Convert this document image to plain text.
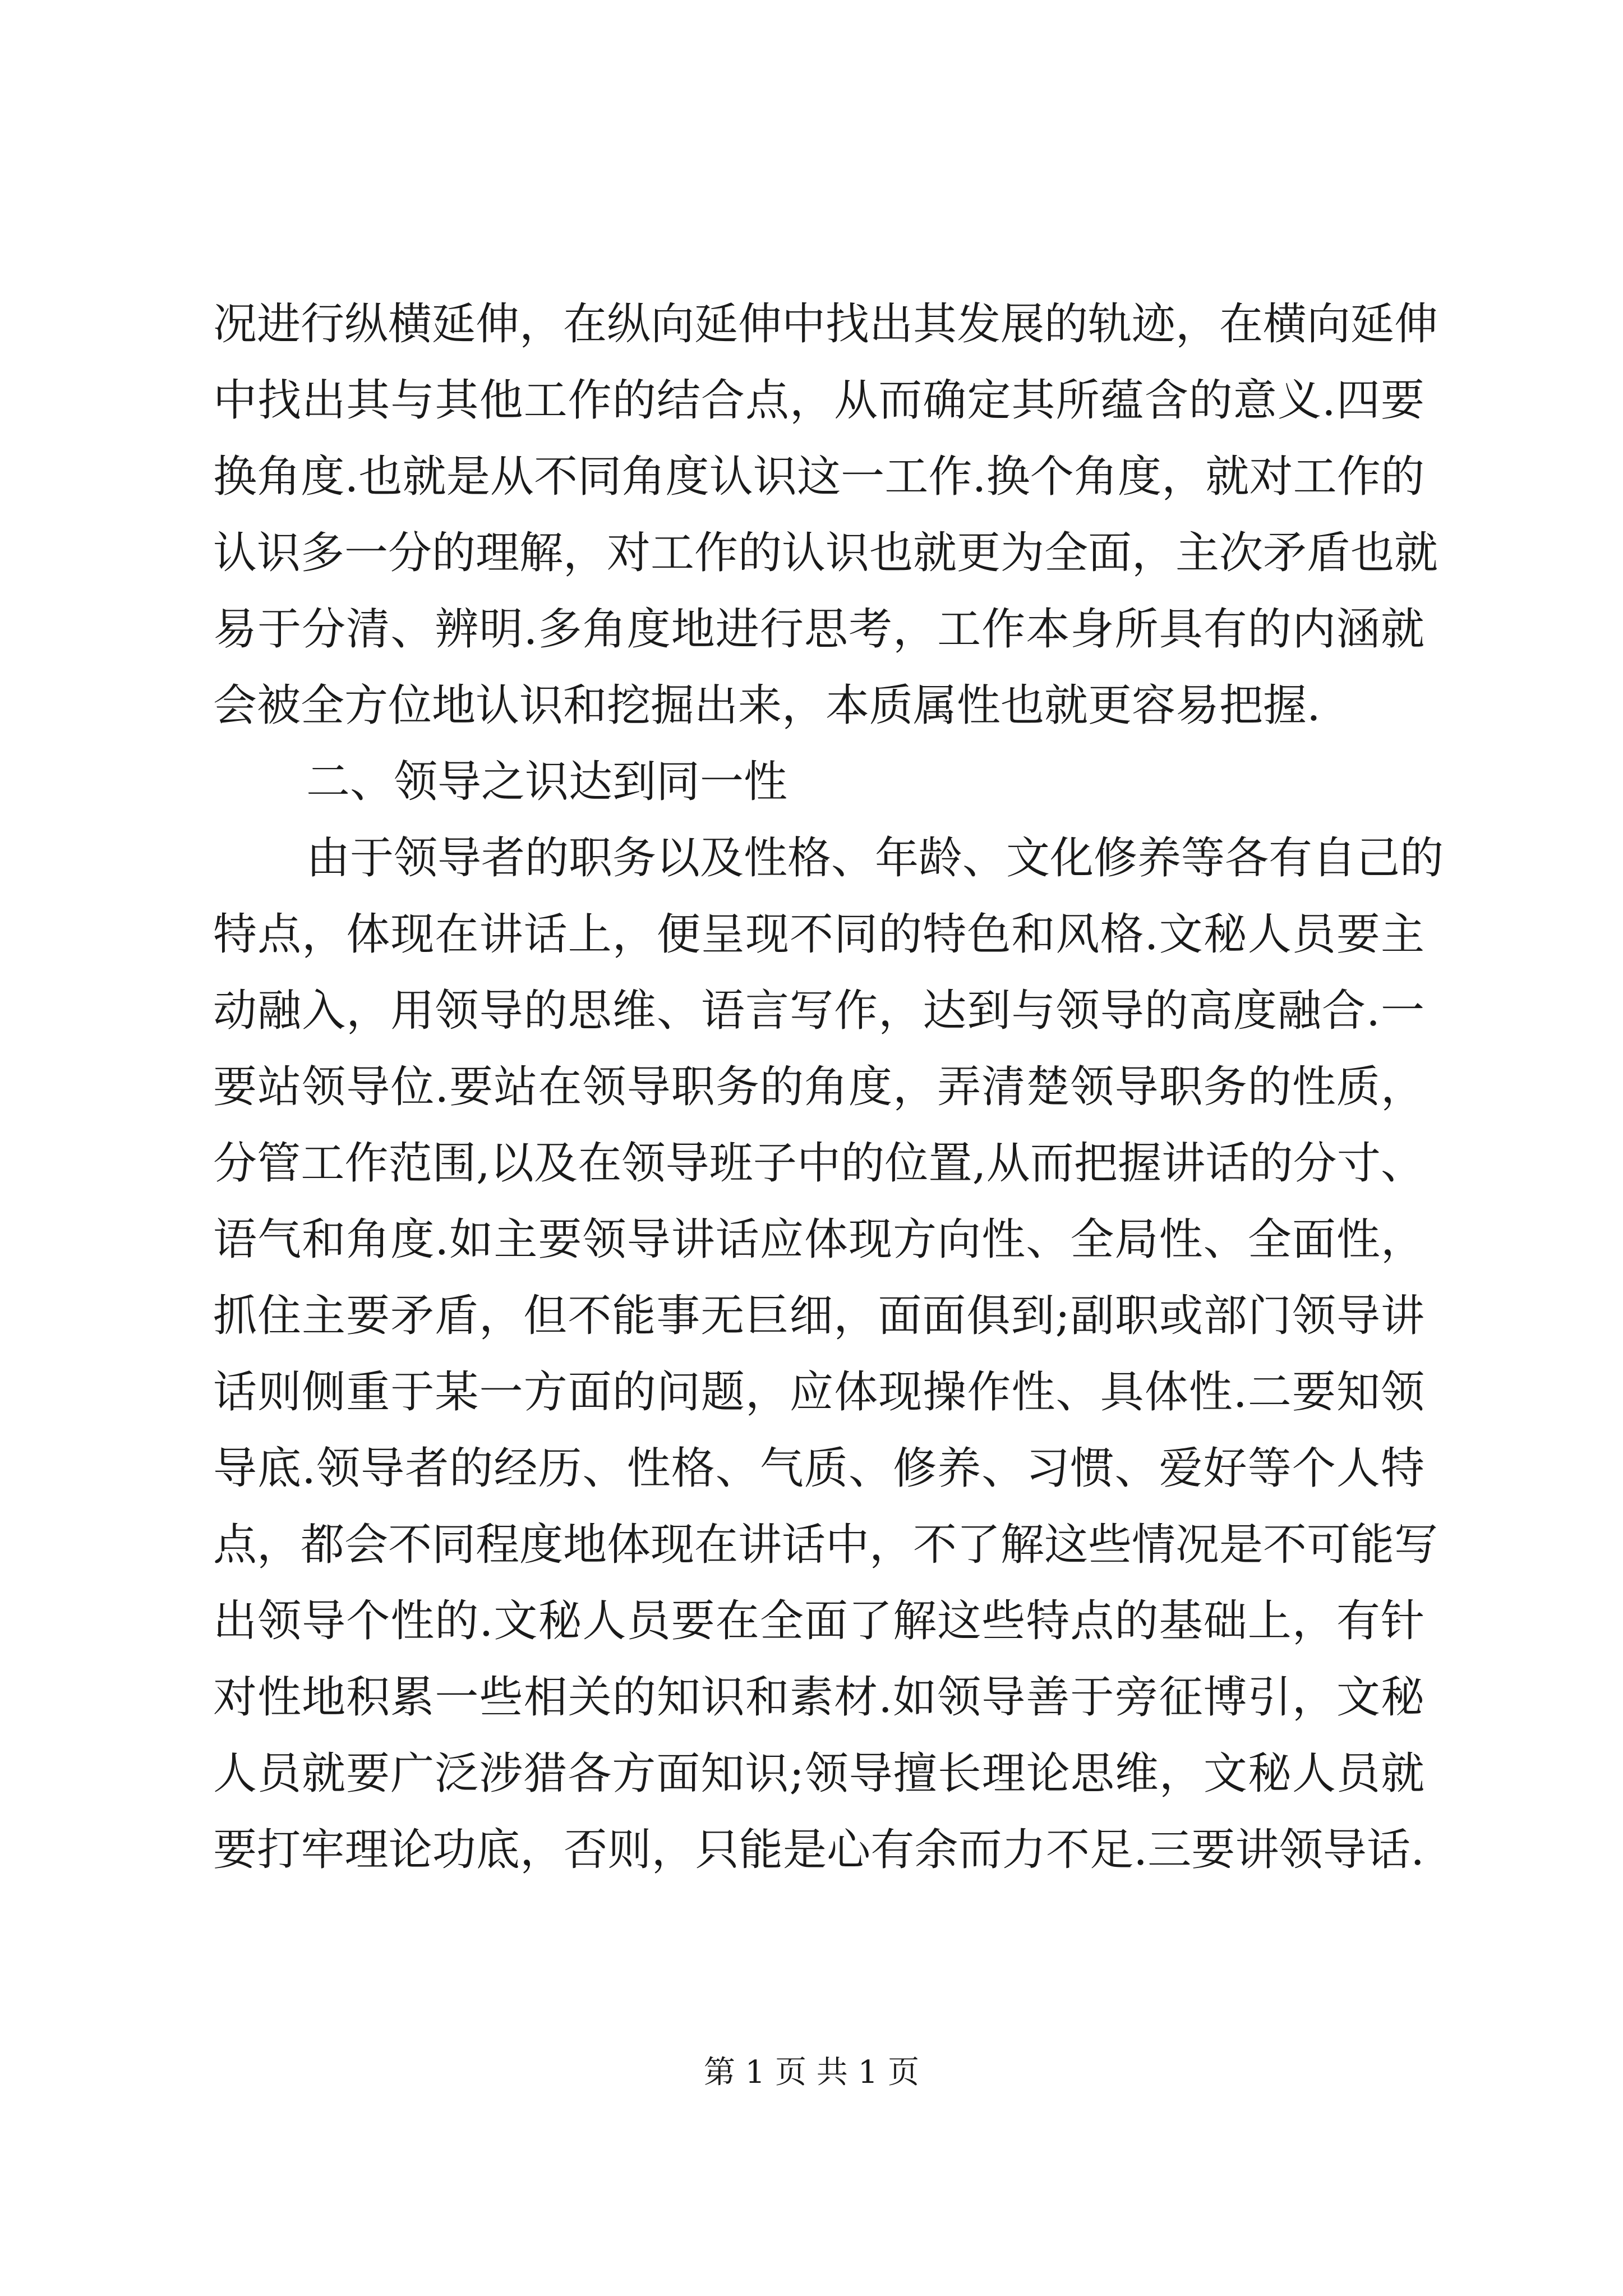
况进行纵横延伸，在纵向延伸中找出其发展的轨迹，在横向延伸
中找出其与其他工作的结合点，从而确定其所蕴含的意义.四要
换角度.也就是从不同角度认识这一工作.换个角度，就对工作的
认识多一分的理解，对工作的认识也就更为全面，主次矛盾也就
易于分清、辨明.多角度地进行思考，工作本身所具有的内涵就
会被全方位地认识和挖掘出来，本质属性也就更容易把握.
二、领导之识达到同一性
由于领导者的职务以及性格、年龄、文化修养等各有自己的
特点，体现在讲话上，便呈现不同的特色和风格.文秘人员要主
动融入，用领导的思维、语言写作，达到与领导的高度融合.一
要站领导位.要站在领导职务的角度，弄清楚领导职务的性质，
分管工作范围,以及在领导班子中的位置,从而把握讲话的分寸、
语气和角度.如主要领导讲话应体现方向性、全局性、全面性，
抓住主要矛盾，但不能事无巨细，面面俱到;副职或部门领导讲
话则侧重于某一方面的问题，应体现操作性、具体性.二要知领
导底.领导者的经历、性格、气质、修养、习惯、爱好等个人特
点，都会不同程度地体现在讲话中，不了解这些情况是不可能写
出领导个性的.文秘人员要在全面了解这些特点的基础上，有针
对性地积累一些相关的知识和素材.如领导善于旁征博引，文秘
人员就要广泛涉猎各方面知识;领导擅长理论思维，文秘人员就
要打牢理论功底，否则，只能是心有余而力不足.三要讲领导话.
第 1 页 共 1 页
